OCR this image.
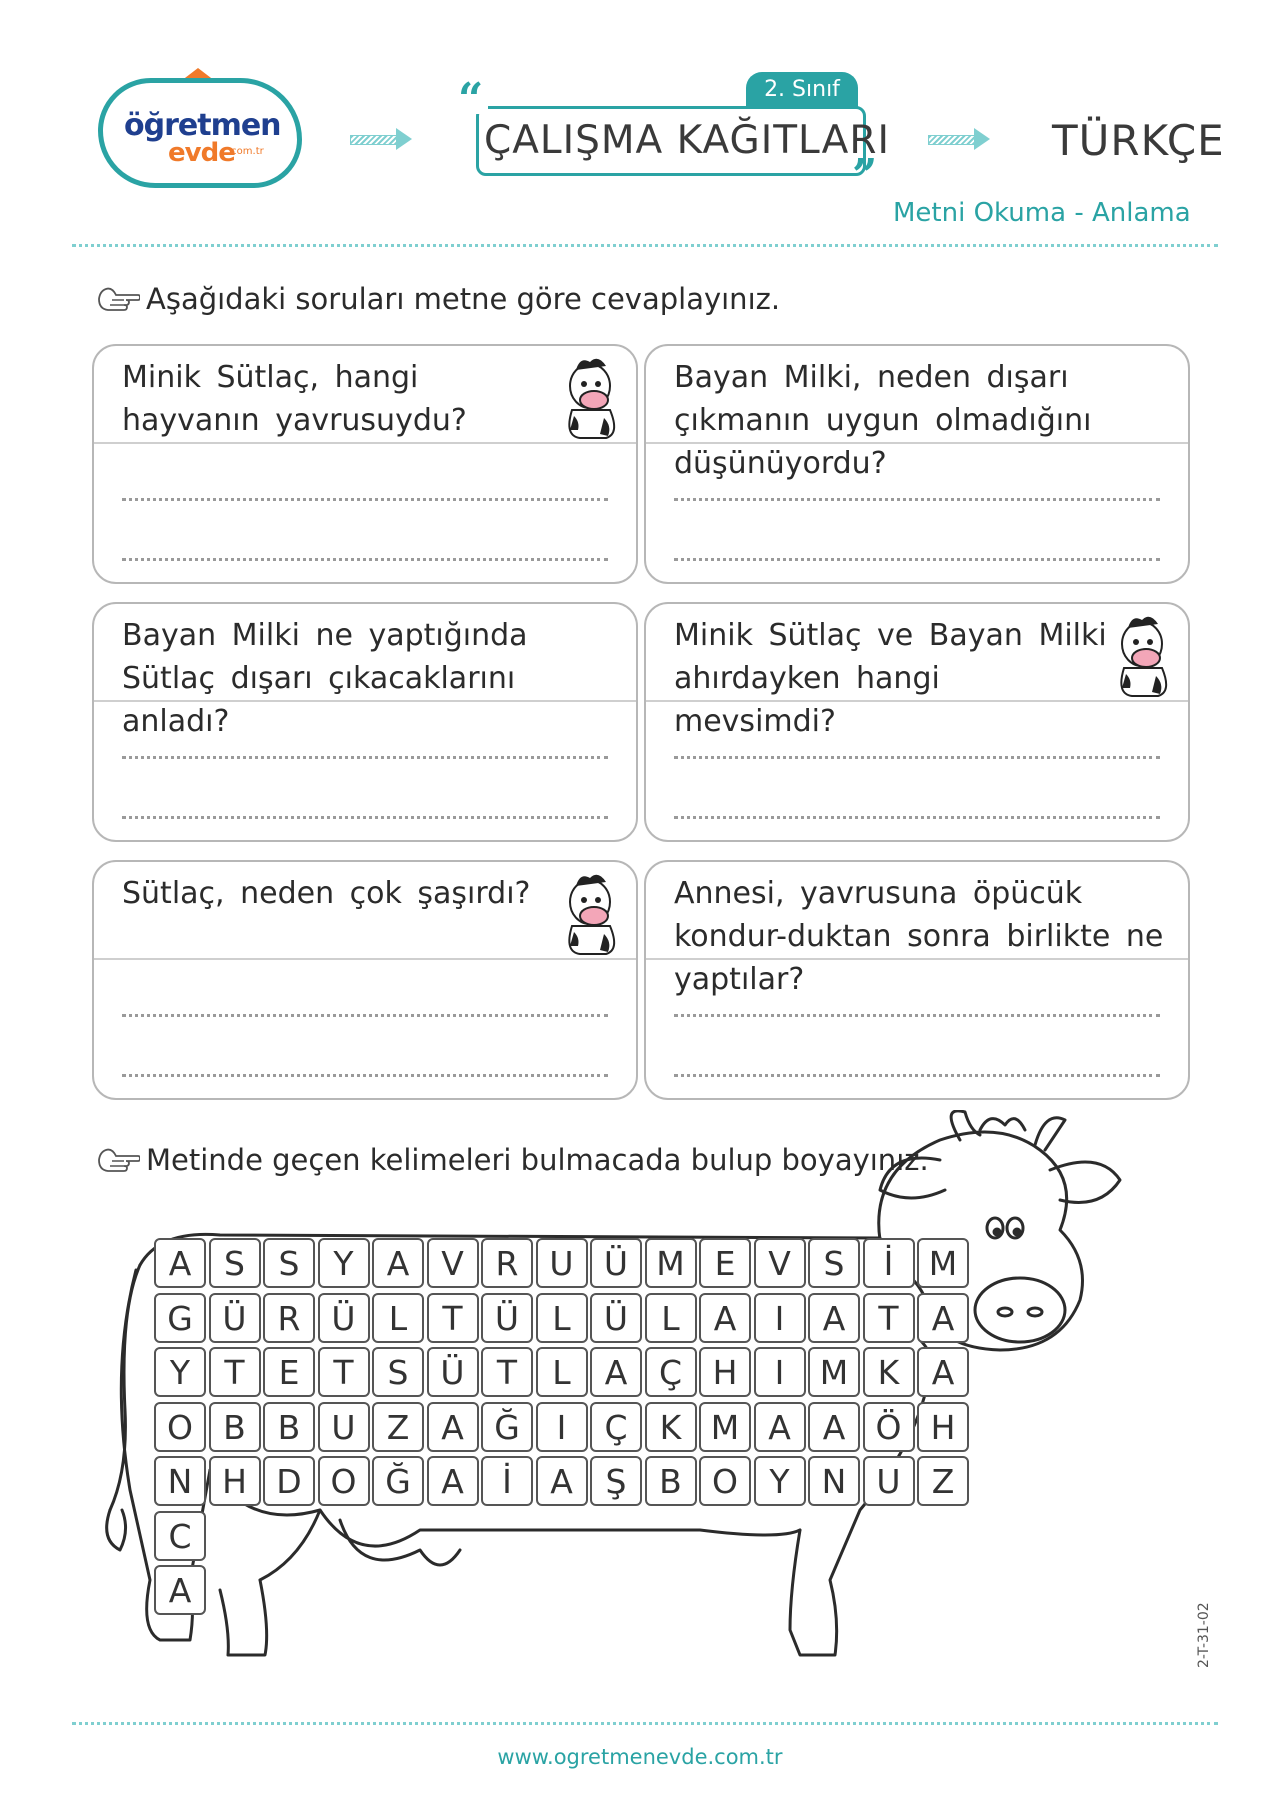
öğretmen
evde
.com.tr
“
”
2. Sınıf
ÇALIŞMA KAĞITLARI	TÜRKÇE
Metni Okuma - Anlama
Aşağıdaki soruları metne göre cevaplayınız.
Minik Sütlaç, hangi hayvanın yavrusuydu?
Bayan Milki, neden dışarı çıkmanın uygun olmadığını düşünüyordu?
Bayan Milki ne yaptığında Sütlaç dışarı çıkacaklarını anladı?
Minik Sütlaç ve Bayan Milki ahırdayken hangi mevsimdi?
Sütlaç, neden çok şaşırdı?	Annesi, yavrusuna öpücük kondur-duktan sonra birlikte ne yaptılar?
Metinde geçen kelimeleri bulmacada bulup boyayınız.
A S	S	Y	A V R U Ü M E V S	İ	M
G Ü R Ü	L	T Ü	L	Ü	L	A	I	A	T	A
Y	T	E	T	S Ü T	L	A Ç H	I	M K A
O B B U Z A Ğ	I	Ç K M A A Ö H
N H D O Ğ A	İ	A Ş B O Y N U Z
C
A
2-T-31-02
www.ogretmenevde.com.tr
